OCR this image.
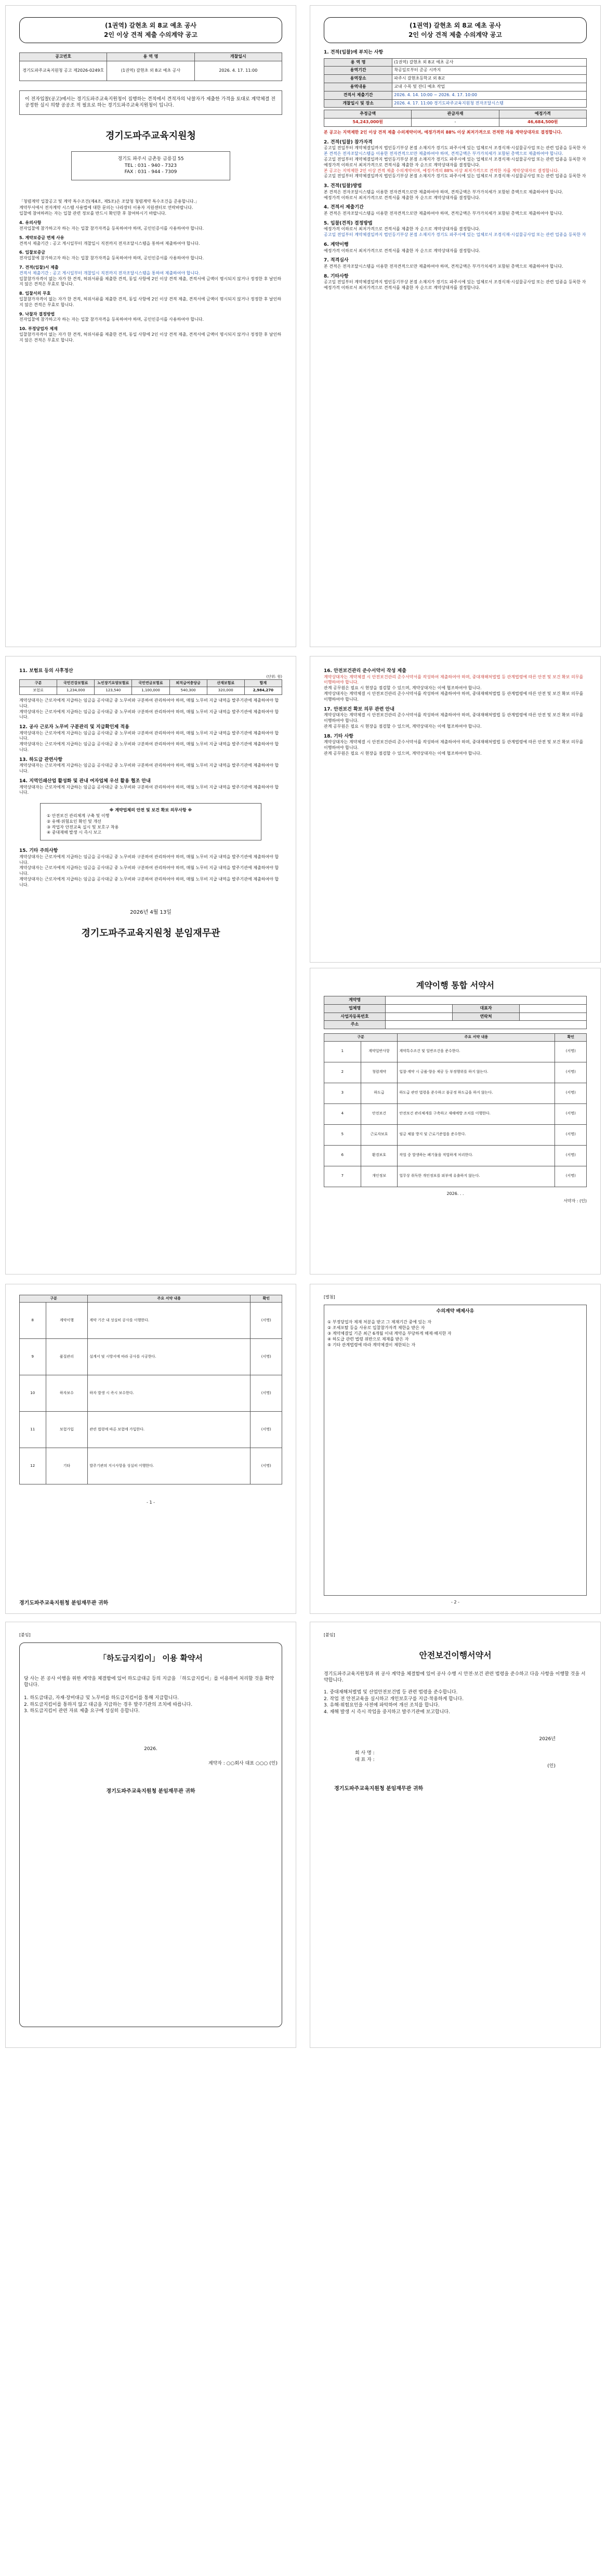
(1권역) 갈현초 외 8교 예초 공사
2인 이상 견적 제출 수의계약 공고
공고번호	용 역 명	개찰일시
경기도파주교육지원청 공고 제2026-0249호	(1권역) 갈현초 외 8교 예초 공사	2026. 4. 17. 11:00
이 전자입찰(공고)에서는 경기도파주교육지원청이 집행하는 견적에서 견적자의 낙찰자가 제출한 가격을 토대로 계약체결 전 공정한 실시 의향 공공조 적 필요로 하는 경기도파주교육지원청이 입니다.
경기도파주교육지원청
경기도 파주시 금촌동 금릉길 55
TEL : 031 - 940 - 7323
FAX : 031 - 944 - 7309
「청렴계약 입찰공고 및 계약 특수조건(제4조, 제5조)은 조달청 청렴계약 특수조건을 준용합니다.」
계약부서에서 전자계약 시스템 사용법에 대한 문의는 나라장터 이용자 지원센터로 연락바랍니다.
입찰에 참여하려는 자는 입찰 관련 정보를 반드시 확인한 후 참여하시기 바랍니다.
4. 유의사항
전자입찰에 참가하고자 하는 자는 입찰 참가자격을 등록하여야 하며, 공인인증서를 사용하여야 합니다.
5. 계약보증금 면제 사유
견적서 제출기간 : 공고 게시일부터 개찰일시 직전까지 전자조달시스템을 통하여 제출하여야 합니다.
6. 입찰보증금
전자입찰에 참가하고자 하는 자는 입찰 참가자격을 등록하여야 하며, 공인인증서를 사용하여야 합니다.
7. 견적(입찰)서 제출
견적서 제출기간 : 공고 게시일부터 개찰일시 직전까지 전자조달시스템을 통하여 제출하여야 합니다.
입찰참가자격이 없는 자가 한 견적, 허위서류를 제출한 견적, 동일 사항에 2인 이상 견적 제출, 견적서에 금액이 명시되지 않거나 정정한 후 날인하지 않은 견적은 무효로 합니다.
8. 입찰서의 무효
입찰참가자격이 없는 자가 한 견적, 허위서류를 제출한 견적, 동일 사항에 2인 이상 견적 제출, 견적서에 금액이 명시되지 않거나 정정한 후 날인하지 않은 견적은 무효로 합니다.
9. 낙찰자 결정방법
전자입찰에 참가하고자 하는 자는 입찰 참가자격을 등록하여야 하며, 공인인증서를 사용하여야 합니다.
10. 부정당업자 제재
입찰참가자격이 없는 자가 한 견적, 허위서류를 제출한 견적, 동일 사항에 2인 이상 견적 제출, 견적서에 금액이 명시되지 않거나 정정한 후 날인하지 않은 견적은 무효로 합니다.
(1권역) 갈현초 외 8교 예초 공사
2인 이상 견적 제출 수의계약 공고
1. 견적(입찰)에 부치는 사항
용 역 명	(1권역) 갈현초 외 8교 예초 공사
용역기간	착공일로부터 준공 시까지
용역장소	파주시 갈현초등학교 외 8교
용역내용	교내 수목 및 잔디 예초 작업
견적서 제출기간	2026. 4. 14. 10:00 ~ 2026. 4. 17. 10:00
개찰일시 및 장소	2026. 4. 17. 11:00 경기도파주교육지원청 전자조달시스템
추정금액	관급자재	예정가격
54,243,000원	-	46,684,500원
본 공고는 지역제한 2인 이상 견적 제출 수의계약이며, 예정가격의 88% 이상 최저가격으로 견적한 자를 계약상대자로 결정합니다.
2. 견적(입찰) 참가자격
공고일 전일부터 계약체결일까지 법인등기부상 본점 소재지가 경기도 파주시에 있는 업체로서 조경식재·시설물공사업 또는 관련 업종을 등록한 자
본 견적은 전자조달시스템을 이용한 전자견적으로만 제출하여야 하며, 견적금액은 부가가치세가 포함된 총액으로 제출하여야 합니다.
공고일 전일부터 계약체결일까지 법인등기부상 본점 소재지가 경기도 파주시에 있는 업체로서 조경식재·시설물공사업 또는 관련 업종을 등록한 자
예정가격 이하로서 최저가격으로 견적서를 제출한 자 순으로 계약상대자를 결정합니다.
본 공고는 지역제한 2인 이상 견적 제출 수의계약이며, 예정가격의 88% 이상 최저가격으로 견적한 자를 계약상대자로 결정합니다.
공고일 전일부터 계약체결일까지 법인등기부상 본점 소재지가 경기도 파주시에 있는 업체로서 조경식재·시설물공사업 또는 관련 업종을 등록한 자
3. 견적(입찰)방법
본 견적은 전자조달시스템을 이용한 전자견적으로만 제출하여야 하며, 견적금액은 부가가치세가 포함된 총액으로 제출하여야 합니다.
예정가격 이하로서 최저가격으로 견적서를 제출한 자 순으로 계약상대자를 결정합니다.
4. 견적서 제출기간
본 견적은 전자조달시스템을 이용한 전자견적으로만 제출하여야 하며, 견적금액은 부가가치세가 포함된 총액으로 제출하여야 합니다.
5. 입찰(견적) 결정방법
예정가격 이하로서 최저가격으로 견적서를 제출한 자 순으로 계약상대자를 결정합니다.
공고일 전일부터 계약체결일까지 법인등기부상 본점 소재지가 경기도 파주시에 있는 업체로서 조경식재·시설물공사업 또는 관련 업종을 등록한 자
6. 계약이행
예정가격 이하로서 최저가격으로 견적서를 제출한 자 순으로 계약상대자를 결정합니다.
7. 적격심사
본 견적은 전자조달시스템을 이용한 전자견적으로만 제출하여야 하며, 견적금액은 부가가치세가 포함된 총액으로 제출하여야 합니다.
8. 기타사항
공고일 전일부터 계약체결일까지 법인등기부상 본점 소재지가 경기도 파주시에 있는 업체로서 조경식재·시설물공사업 또는 관련 업종을 등록한 자
예정가격 이하로서 최저가격으로 견적서를 제출한 자 순으로 계약상대자를 결정합니다.
11. 보험료 등의 사후정산
(단위: 원)
구분	국민건강보험료	노인장기요양보험료	국민연금보험료	퇴직급여충당금	산재보험료	합계
보험료	1,234,000	123,540	1,100,000	540,300	320,000	2,984,270
계약상대자는 근로자에게 지급하는 임금을 공사대금 중 노무비와 구분하여 관리하여야 하며, 매월 노무비 지급 내역을 발주기관에 제출하여야 합니다.
계약상대자는 근로자에게 지급하는 임금을 공사대금 중 노무비와 구분하여 관리하여야 하며, 매월 노무비 지급 내역을 발주기관에 제출하여야 합니다.
12. 공사 근로자 노무비 구분관리 및 지급확인제 적용
계약상대자는 근로자에게 지급하는 임금을 공사대금 중 노무비와 구분하여 관리하여야 하며, 매월 노무비 지급 내역을 발주기관에 제출하여야 합니다.
계약상대자는 근로자에게 지급하는 임금을 공사대금 중 노무비와 구분하여 관리하여야 하며, 매월 노무비 지급 내역을 발주기관에 제출하여야 합니다.
13. 하도급 관련사항
계약상대자는 근로자에게 지급하는 임금을 공사대금 중 노무비와 구분하여 관리하여야 하며, 매월 노무비 지급 내역을 발주기관에 제출하여야 합니다.
14. 지역인쇄산업 활성화 및 관내 여자업체 우선 활용 협조 안내
계약상대자는 근로자에게 지급하는 임금을 공사대금 중 노무비와 구분하여 관리하여야 하며, 매월 노무비 지급 내역을 발주기관에 제출하여야 합니다.
※ 계약업체의 안전 및 보건 확보 의무사항 ※
① 안전보건 관리체계 구축 및 이행
② 유해·위험요인 확인 및 개선
③ 작업자 안전교육 실시 및 보호구 착용
④ 중대재해 발생 시 즉시 보고
15. 기타 주의사항
계약상대자는 근로자에게 지급하는 임금을 공사대금 중 노무비와 구분하여 관리하여야 하며, 매월 노무비 지급 내역을 발주기관에 제출하여야 합니다.
계약상대자는 근로자에게 지급하는 임금을 공사대금 중 노무비와 구분하여 관리하여야 하며, 매월 노무비 지급 내역을 발주기관에 제출하여야 합니다.
계약상대자는 근로자에게 지급하는 임금을 공사대금 중 노무비와 구분하여 관리하여야 하며, 매월 노무비 지급 내역을 발주기관에 제출하여야 합니다.
2026년 4월 13일
경기도파주교육지원청 분임재무관
16. 안전보건관리 준수서약서 작성 제출
계약상대자는 계약체결 시 안전보건관리 준수서약서를 작성하여 제출하여야 하며, 중대재해처벌법 등 관계법령에 따른 안전 및 보건 확보 의무를 이행하여야 합니다.
관계 공무원은 필요 시 현장을 점검할 수 있으며, 계약상대자는 이에 협조하여야 합니다.
계약상대자는 계약체결 시 안전보건관리 준수서약서를 작성하여 제출하여야 하며, 중대재해처벌법 등 관계법령에 따른 안전 및 보건 확보 의무를 이행하여야 합니다.
17. 안전보건 확보 의무 관련 안내
계약상대자는 계약체결 시 안전보건관리 준수서약서를 작성하여 제출하여야 하며, 중대재해처벌법 등 관계법령에 따른 안전 및 보건 확보 의무를 이행하여야 합니다.
관계 공무원은 필요 시 현장을 점검할 수 있으며, 계약상대자는 이에 협조하여야 합니다.
18. 기타 사항
계약상대자는 계약체결 시 안전보건관리 준수서약서를 작성하여 제출하여야 하며, 중대재해처벌법 등 관계법령에 따른 안전 및 보건 확보 의무를 이행하여야 합니다.
관계 공무원은 필요 시 현장을 점검할 수 있으며, 계약상대자는 이에 협조하여야 합니다.
계약이행 통합 서약서
계약명			
업체명		대표자	
사업자등록번호		연락처	
주소			
구분		주요 서약 내용	확인
1	계약일반사항	계약특수조건 및 일반조건을 준수한다.	(서명)
2	청렴계약	입찰·계약 시 금품·향응 제공 등 부정행위를 하지 않는다.	(서명)
3	하도급	하도급 관련 법령을 준수하고 불공정 하도급을 하지 않는다.	(서명)
4	안전보건	안전보건 관리체계를 구축하고 재해예방 조치를 이행한다.	(서명)
5	근로자보호	임금 체불 방지 및 근로기준법을 준수한다.	(서명)
6	환경보호	작업 중 발생하는 폐기물을 적법하게 처리한다.	(서명)
7	개인정보	업무상 취득한 개인정보를 외부에 유출하지 않는다.	(서명)
2026. . .
서약자 : (인)
구분		주요 서약 내용	확인
8	계약이행	계약 기간 내 성실히 공사를 이행한다.	(서명)
9	품질관리	설계서 및 시방서에 따라 공사를 시공한다.	(서명)
10	하자보수	하자 발생 시 즉시 보수한다.	(서명)
11	보험가입	관련 법령에 따른 보험에 가입한다.	(서명)
12	기타	발주기관의 지시사항을 성실히 이행한다.	(서명)
- 1 -
경기도파주교육지원청 분임재무관 귀하
[별첨]
수의계약 배제사유
① 부정당업자 제재 처분을 받고 그 제재기간 중에 있는 자
② 조세포탈 등을 사유로 입찰참가자격 제한을 받은 자
③ 계약체결일 기준 최근 6개월 이내 계약을 부당하게 해제·해지한 자
④ 하도급 관련 법령 위반으로 제재를 받은 자
⑤ 기타 관계법령에 따라 계약체결이 제한되는 자
- 2 -
[붙임]
「하도급지킴이」 이용 확약서
당 사는 본 공사 이행을 위한 계약을 체결함에 있어 하도급대금 등의 지급을 「하도급지킴이」를 이용하여 처리할 것을 확약합니다.
1. 하도급대금, 자재·장비대금 및 노무비를 하도급지킴이를 통해 지급합니다.
2. 하도급지킴이를 통하지 않고 대금을 지급하는 경우 발주기관의 조치에 따릅니다.
3. 하도급지킴이 관련 자료 제출 요구에 성실히 응합니다.
2026.
계약자 : ○○회사 대표 ○○○ (인)
경기도파주교육지원청 분임재무관 귀하
[붙임]
안전보건이행서약서
경기도파주교육지원청과 위 공사 계약을 체결함에 있어 공사 수행 시 안전·보건 관련 법령을 준수하고 다음 사항을 이행할 것을 서약합니다.
1. 중대재해처벌법 및 산업안전보건법 등 관련 법령을 준수합니다.
2. 작업 전 안전교육을 실시하고 개인보호구를 지급·착용하게 합니다.
3. 유해·위험요인을 사전에 파악하여 개선 조치를 합니다.
4. 재해 발생 시 즉시 작업을 중지하고 발주기관에 보고합니다.
2026년
회 사 명 :
대 표 자 :
(인)
경기도파주교육지원청 분임재무관 귀하
